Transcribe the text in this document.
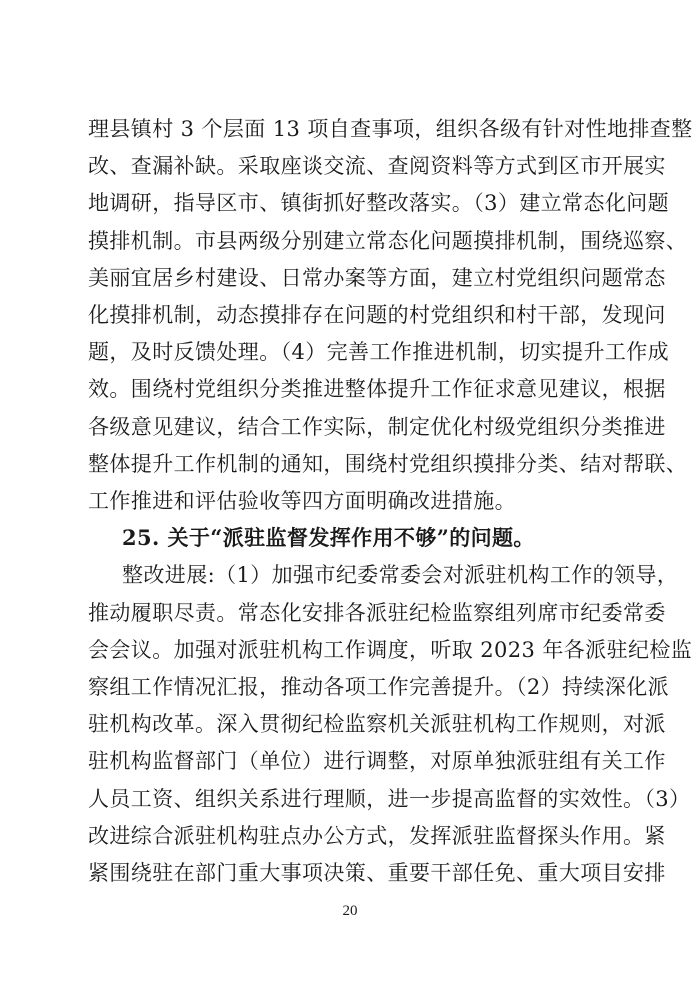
理县镇村 3 个层面 13 项自查事项，组织各级有针对性地排查整
改、查漏补缺。采取座谈交流、查阅资料等方式到区市开展实
地调研，指导区市、镇街抓好整改落实。（3）建立常态化问题
摸排机制。市县两级分别建立常态化问题摸排机制，围绕巡察、
美丽宜居乡村建设、日常办案等方面，建立村党组织问题常态
化摸排机制，动态摸排存在问题的村党组织和村干部，发现问
题，及时反馈处理。（4）完善工作推进机制，切实提升工作成
效。围绕村党组织分类推进整体提升工作征求意见建议，根据
各级意见建议，结合工作实际，制定优化村级党组织分类推进
整体提升工作机制的通知，围绕村党组织摸排分类、结对帮联、
工作推进和评估验收等四方面明确改进措施。
25. 关于“派驻监督发挥作用不够”的问题。
整改进展:（1）加强市纪委常委会对派驻机构工作的领导，
推动履职尽责。常态化安排各派驻纪检监察组列席市纪委常委
会会议。加强对派驻机构工作调度，听取 2023 年各派驻纪检监
察组工作情况汇报，推动各项工作完善提升。（2）持续深化派
驻机构改革。深入贯彻纪检监察机关派驻机构工作规则，对派
驻机构监督部门（单位）进行调整，对原单独派驻组有关工作
人员工资、组织关系进行理顺，进一步提高监督的实效性。（3）
改进综合派驻机构驻点办公方式，发挥派驻监督探头作用。紧
紧围绕驻在部门重大事项决策、重要干部任免、重大项目安排
20
